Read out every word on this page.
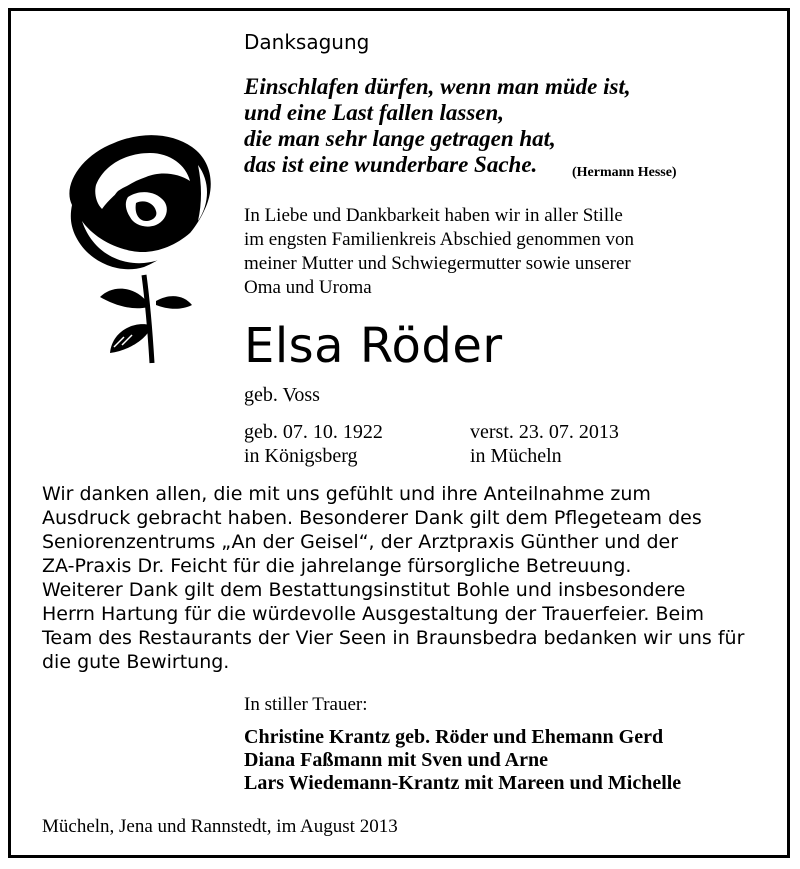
Danksagung
Einschlafen dürfen, wenn man müde ist,
und eine Last fallen lassen,
die man sehr lange getragen hat,
das ist eine wunderbare Sache.	(Hermann Hesse)
In Liebe und Dankbarkeit haben wir in aller Stille
im engsten Familienkreis Abschied genommen von
meiner Mutter und Schwiegermutter sowie unserer
Oma und Uroma
Elsa Röder
geb. Voss
geb. 07. 10. 1922
in Königsberg
verst. 23. 07. 2013
in Mücheln
Wir danken allen, die mit uns gefühlt und ihre Anteilnahme zum
Ausdruck gebracht haben. Besonderer Dank gilt dem Pflegeteam des
Seniorenzentrums „An der Geisel“, der Arztpraxis Günther und der
ZA-Praxis Dr. Feicht für die jahrelange fürsorgliche Betreuung.
Weiterer Dank gilt dem Bestattungsinstitut Bohle und insbesondere
Herrn Hartung für die würdevolle Ausgestaltung der Trauerfeier. Beim
Team des Restaurants der Vier Seen in Braunsbedra bedanken wir uns für
die gute Bewirtung.
In stiller Trauer:
Christine Krantz geb. Röder und Ehemann Gerd
Diana Faßmann mit Sven und Arne
Lars Wiedemann-Krantz mit Mareen und Michelle
Mücheln, Jena und Rannstedt, im August 2013
